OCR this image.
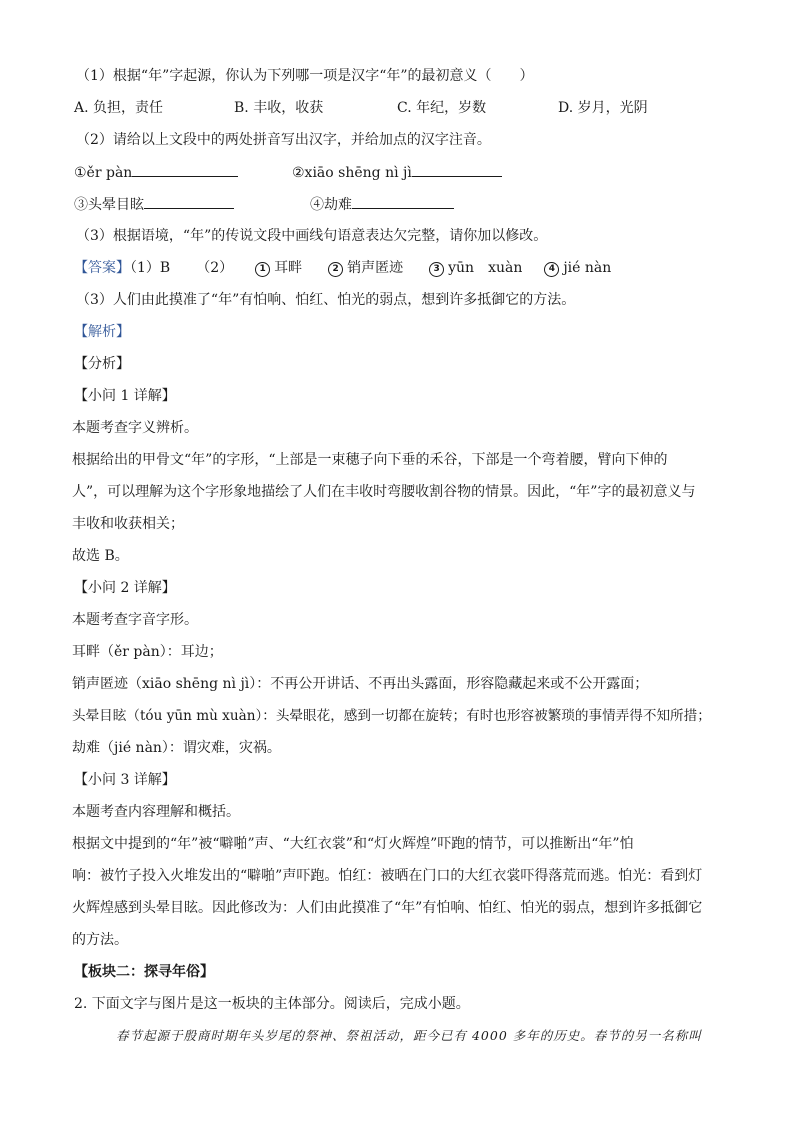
（1）根据“年”字起源，你认为下列哪一项是汉字“年”的最初意义（　　）
A. 负担，责任	B. 丰收，收获	C. 年纪，岁数	D. 岁月，光阴
（2）请给以上文段中的两处拼音写出汉字，并给加点的汉字注音。
①ěr pàn	②xiāo shēng nì jì
③头晕目眩	④劫难
（3）根据语境，“年”的传说文段中画线句语意表达欠完整，请你加以修改。
【答案】（1）B （2）	1 耳畔	2 销声匿迹	3 yūn　xuàn	4 jié nàn
（3）人们由此摸准了“年”有怕响、怕红、怕光的弱点，想到许多抵御它的方法。
【解析】
【分析】
【小问 1 详解】
本题考查字义辨析。
根据给出的甲骨文“年”的字形，“上部是一束穗子向下垂的禾谷，下部是一个弯着腰，臂向下伸的
人”，可以理解为这个字形象地描绘了人们在丰收时弯腰收割谷物的情景。因此，“年”字的最初意义与
丰收和收获相关；
故选 B。
【小问 2 详解】
本题考查字音字形。
耳畔（ěr pàn）：耳边；
销声匿迹（xiāo shēng nì jì）：不再公开讲话、不再出头露面，形容隐藏起来或不公开露面；
头晕目眩（tóu yūn mù xuàn）：头晕眼花，感到一切都在旋转；有时也形容被繁琐的事情弄得不知所措；
劫难（jié nàn）：谓灾难，灾祸。
【小问 3 详解】
本题考查内容理解和概括。
根据文中提到的“年”被“噼啪”声、“大红衣裳”和“灯火辉煌”吓跑的情节，可以推断出“年”怕
响：被竹子投入火堆发出的“噼啪”声吓跑。怕红：被晒在门口的大红衣裳吓得落荒而逃。怕光：看到灯
火辉煌感到头晕目眩。因此修改为：人们由此摸准了“年”有怕响、怕红、怕光的弱点，想到许多抵御它
的方法。
【板块二：探寻年俗】
2. 下面文字与图片是这一板块的主体部分。阅读后，完成小题。
春节起源于殷商时期年头岁尾的祭神、祭祖活动，距今已有 4000 多年的历史。春节的另一名称叫
